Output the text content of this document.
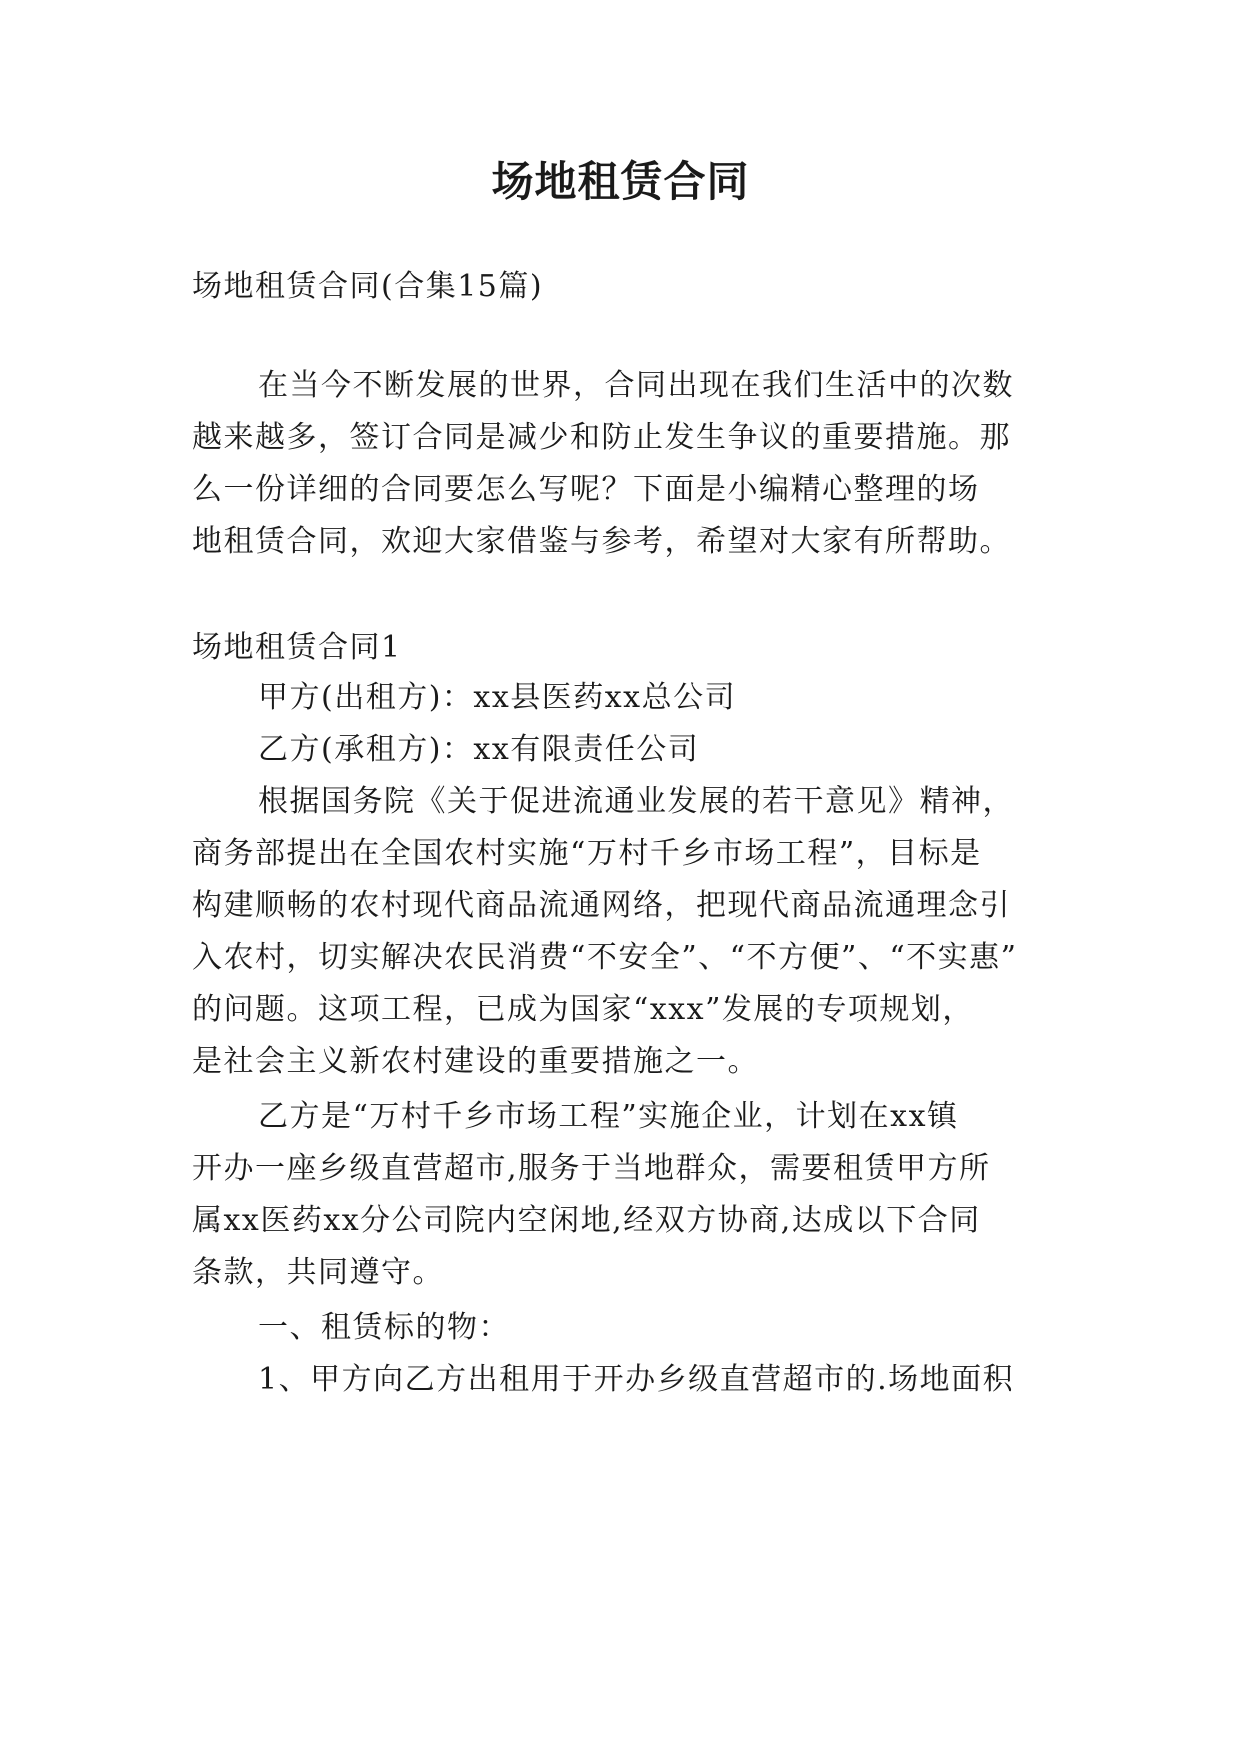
场地租赁合同
场地租赁合同(合集15篇)
在当今不断发展的世界，合同出现在我们生活中的次数
越来越多，签订合同是减少和防止发生争议的重要措施。那
么一份详细的合同要怎么写呢？下面是小编精心整理的场
地租赁合同，欢迎大家借鉴与参考，希望对大家有所帮助。
场地租赁合同1
甲方(出租方)：xx县医药xx总公司
乙方(承租方)：xx有限责任公司
根据国务院《关于促进流通业发展的若干意见》精神，
商务部提出在全国农村实施“万村千乡市场工程”，目标是
构建顺畅的农村现代商品流通网络，把现代商品流通理念引
入农村，切实解决农民消费“不安全”、“不方便”、“不实惠”
的问题。这项工程，已成为国家“xxx”发展的专项规划，
是社会主义新农村建设的重要措施之一。
乙方是“万村千乡市场工程”实施企业，计划在xx镇
开办一座乡级直营超市,服务于当地群众，需要租赁甲方所
属xx医药xx分公司院内空闲地,经双方协商,达成以下合同
条款，共同遵守。
一、租赁标的物：
1、甲方向乙方出租用于开办乡级直营超市的.场地面积
